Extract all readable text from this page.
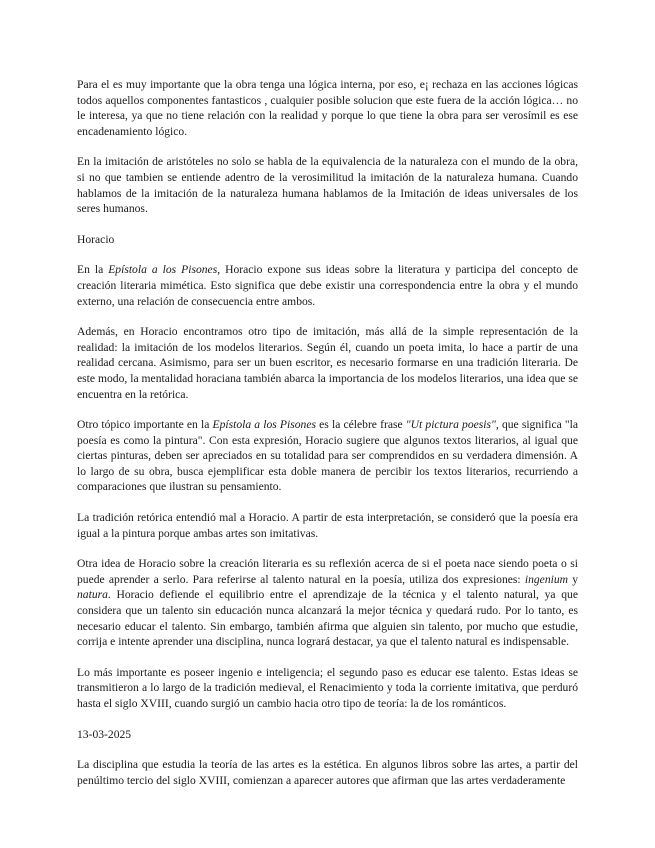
Para el es muy importante que la obra tenga una lógica interna, por eso, e¡ rechaza en las acciones lógicas todos aquellos componentes fantasticos , cualquier posible solucion que este fuera de la acción lógica… no le interesa, ya que no tiene relación con la realidad y porque lo que tiene la obra para ser verosímil es ese encadenamiento lógico.

En la imitación de aristóteles no solo se habla de la equivalencia de la naturaleza con el mundo de la obra, si no que tambien se entiende adentro de la verosimilitud la imitación de la naturaleza humana. Cuando hablamos de la imitación de la naturaleza humana hablamos de la Imitación de ideas universales de los seres humanos.

Horacio

En la Epístola a los Pisones, Horacio expone sus ideas sobre la literatura y participa del concepto de creación literaria mimética. Esto significa que debe existir una correspondencia entre la obra y el mundo externo, una relación de consecuencia entre ambos.

Además, en Horacio encontramos otro tipo de imitación, más allá de la simple representación de la realidad: la imitación de los modelos literarios. Según él, cuando un poeta imita, lo hace a partir de una realidad cercana. Asimismo, para ser un buen escritor, es necesario formarse en una tradición literaria. De este modo, la mentalidad horaciana también abarca la importancia de los modelos literarios, una idea que se encuentra en la retórica.

Otro tópico importante en la Epístola a los Pisones es la célebre frase "Ut pictura poesis", que significa "la poesía es como la pintura". Con esta expresión, Horacio sugiere que algunos textos literarios, al igual que ciertas pinturas, deben ser apreciados en su totalidad para ser comprendidos en su verdadera dimensión. A lo largo de su obra, busca ejemplificar esta doble manera de percibir los textos literarios, recurriendo a comparaciones que ilustran su pensamiento.

La tradición retórica entendió mal a Horacio. A partir de esta interpretación, se consideró que la poesía era igual a la pintura porque ambas artes son imitativas.

Otra idea de Horacio sobre la creación literaria es su reflexión acerca de si el poeta nace siendo poeta o si puede aprender a serlo. Para referirse al talento natural en la poesía, utiliza dos expresiones: ingenium y natura. Horacio defiende el equilibrio entre el aprendizaje de la técnica y el talento natural, ya que considera que un talento sin educación nunca alcanzará la mejor técnica y quedará rudo. Por lo tanto, es necesario educar el talento. Sin embargo, también afirma que alguien sin talento, por mucho que estudie, corrija e intente aprender una disciplina, nunca logrará destacar, ya que el talento natural es indispensable.

Lo más importante es poseer ingenio e inteligencia; el segundo paso es educar ese talento. Estas ideas se transmitieron a lo largo de la tradición medieval, el Renacimiento y toda la corriente imitativa, que perduró hasta el siglo XVIII, cuando surgió un cambio hacia otro tipo de teoría: la de los románticos.

13-03-2025

La disciplina que estudia la teoría de las artes es la estética. En algunos libros sobre las artes, a partir del penúltimo tercio del siglo XVIII, comienzan a aparecer autores que afirman que las artes verdaderamente
